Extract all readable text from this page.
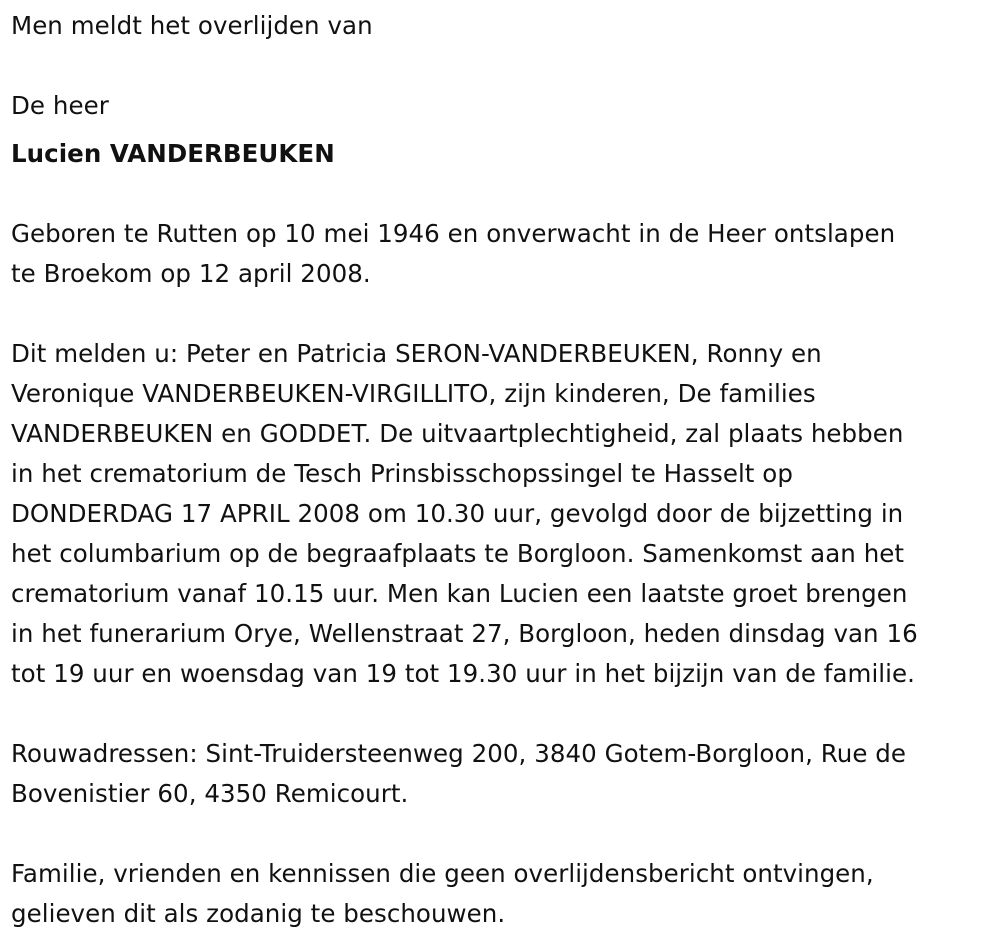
Men meldt het overlijden van

De heer

Lucien VANDERBEUKEN

Geboren te Rutten op 10 mei 1946 en onverwacht in de Heer ontslapen

te Broekom op 12 april 2008.

Dit melden u: Peter en Patricia SERON-VANDERBEUKEN, Ronny en

Veronique VANDERBEUKEN-VIRGILLITO, zijn kinderen, De families

VANDERBEUKEN en GODDET. De uitvaartplechtigheid, zal plaats hebben

in het crematorium de Tesch Prinsbisschopssingel te Hasselt op

DONDERDAG 17 APRIL 2008 om 10.30 uur, gevolgd door de bijzetting in

het columbarium op de begraafplaats te Borgloon. Samenkomst aan het

crematorium vanaf 10.15 uur. Men kan Lucien een laatste groet brengen

in het funerarium Orye, Wellenstraat 27, Borgloon, heden dinsdag van 16

tot 19 uur en woensdag van 19 tot 19.30 uur in het bijzijn van de familie.

Rouwadressen: Sint-Truidersteenweg 200, 3840 Gotem-Borgloon, Rue de

Bovenistier 60, 4350 Remicourt.

Familie, vrienden en kennissen die geen overlijdensbericht ontvingen,

gelieven dit als zodanig te beschouwen.
